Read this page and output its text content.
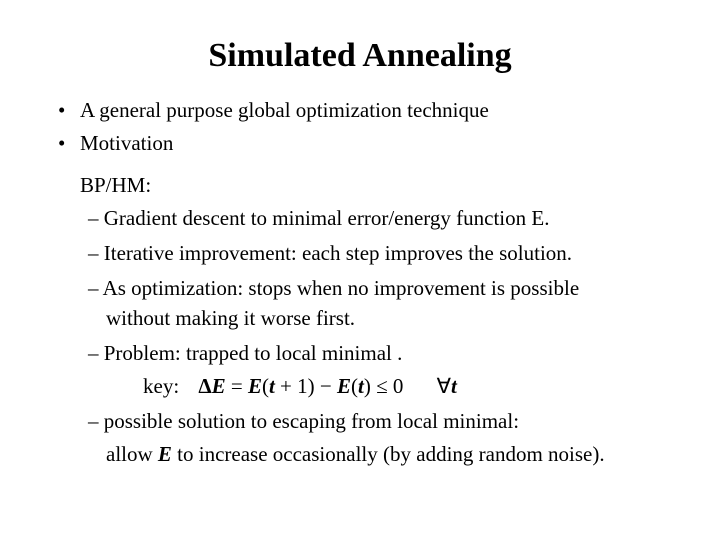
Simulated Annealing
• A general purpose global optimization technique
• Motivation
BP/HM:
– Gradient descent to minimal error/energy function E.
– Iterative improvement: each step improves the solution.
– As optimization: stops when no improvement is possible
without making it worse first.
– Problem: trapped to local minimal .
key: ΔE = E(t + 1) − E(t) ≤ 0 ∀t
– possible solution to escaping from local minimal:
allow E to increase occasionally (by adding random noise).
